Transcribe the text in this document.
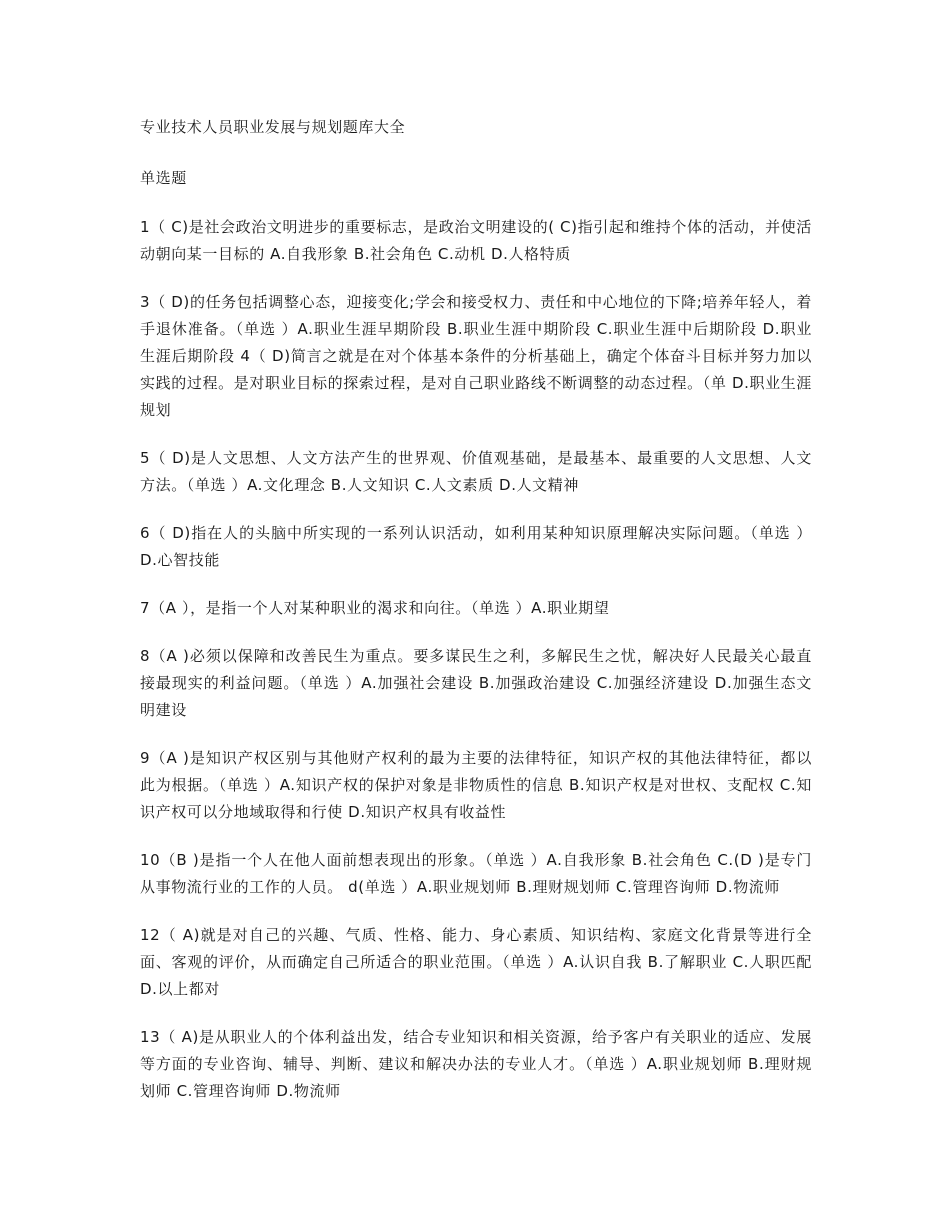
专业技术人员职业发展与规划题库大全

单选题

1（ C)是社会政治文明进步的重要标志，是政治文明建设的( C)指引起和维持个体的活动，并使活动朝向某一目标的 A.自我形象 B.社会角色 C.动机 D.人格特质

3（ D)的任务包括调整心态，迎接变化;学会和接受权力、责任和中心地位的下降;培养年轻人，着手退休准备。（单选 ）A.职业生涯早期阶段 B.职业生涯中期阶段 C.职业生涯中后期阶段 D.职业生涯后期阶段 4（ D)简言之就是在对个体基本条件的分析基础上，确定个体奋斗目标并努力加以实践的过程。是对职业目标的探索过程，是对自己职业路线不断调整的动态过程。（单 D.职业生涯规划

5（ D)是人文思想、人文方法产生的世界观、价值观基础，是最基本、最重要的人文思想、人文方法。（单选 ）A.文化理念 B.人文知识 C.人文素质 D.人文精神

6（ D)指在人的头脑中所实现的一系列认识活动，如利用某种知识原理解决实际问题。（单选 ）D.心智技能

7（A ），是指一个人对某种职业的渴求和向往。（单选 ）A.职业期望

8（A )必须以保障和改善民生为重点。要多谋民生之利，多解民生之忧，解决好人民最关心最直接最现实的利益问题。（单选 ）A.加强社会建设 B.加强政治建设 C.加强经济建设 D.加强生态文明建设

9（A )是知识产权区别与其他财产权利的最为主要的法律特征，知识产权的其他法律特征，都以此为根据。（单选 ）A.知识产权的保护对象是非物质性的信息 B.知识产权是对世权、支配权 C.知识产权可以分地域取得和行使 D.知识产权具有收益性

10（B )是指一个人在他人面前想表现出的形象。（单选 ）A.自我形象 B.社会角色 C.(D )是专门从事物流行业的工作的人员。 d(单选 ）A.职业规划师 B.理财规划师 C.管理咨询师 D.物流师

12（ A)就是对自己的兴趣、气质、性格、能力、身心素质、知识结构、家庭文化背景等进行全面、客观的评价，从而确定自己所适合的职业范围。（单选 ）A.认识自我 B.了解职业 C.人职匹配 D.以上都对

13（ A)是从职业人的个体利益出发，结合专业知识和相关资源，给予客户有关职业的适应、发展等方面的专业咨询、辅导、判断、建议和解决办法的专业人才。（单选 ）A.职业规划师 B.理财规划师 C.管理咨询师 D.物流师
